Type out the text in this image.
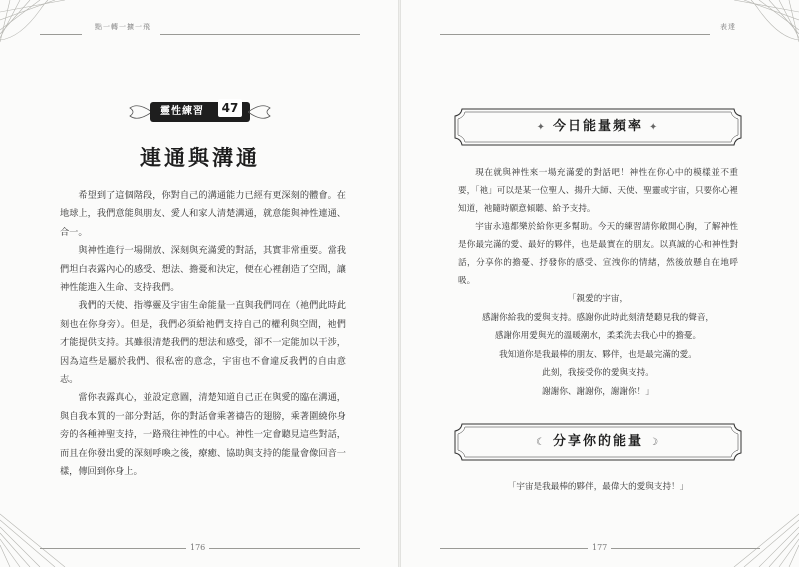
點一轉一擴一飛
靈性練習	47
連通與溝通

希望到了這個階段，你對自己的溝通能力已經有更深刻的體會。在地球上，我們意能與朋友、愛人和家人清楚溝通，就意能與神性連通、合一。

與神性進行一場開放、深刻與充滿愛的對話，其實非常重要。當我們坦白表露內心的感受、想法、擔憂和決定，便在心裡創造了空間，讓神性能進入生命、支持我們。

我們的天使、指導靈及宇宙生命能量一直與我們同在（祂們此時此刻也在你身旁）。但是，我們必須給祂們支持自己的權利與空間，祂們才能提供支持。其雖很清楚我們的想法和感受，卻不一定能加以干涉，因為這些是屬於我們、很私密的意念，宇宙也不會違反我們的自由意志。

當你表露真心，並設定意圖，清楚知道自己正在與愛的臨在溝通，與自我本質的一部分對話，你的對話會乘著禱告的翅膀，乘著圍繞你身旁的各種神聖支持，一路飛往神性的中心。神性一定會聽見這些對話，而且在你發出愛的深刻呼喚之後，療癒、協助與支持的能量會像回音一樣，傳回到你身上。

176
表達
177
✦ 今日能量頻率 ✦

現在就與神性來一場充滿愛的對話吧！神性在你心中的模樣並不重要，「祂」可以是某一位聖人、揚升大師、天使、聖靈或宇宙，只要你心裡知道，祂隨時願意傾聽、給予支持。

宇宙永遠都樂於給你更多幫助。今天的練習請你敞開心胸，了解神性是你最完滿的愛、最好的夥伴，也是最實在的朋友。以真誠的心和神性對話，分享你的擔憂、抒發你的感受、宣洩你的情緒，然後放懸自在地呼吸。

「親愛的宇宙，
感謝你給我的愛與支持。感謝你此時此刻清楚聽見我的聲音，
感謝你用愛與光的溫暖潮水，柔柔洗去我心中的擔憂。
我知道你是我最棒的朋友、夥伴，也是最完滿的愛。
此刻，我接受你的愛與支持。
謝謝你、謝謝你，謝謝你！」
☾ 分享你的能量 ☽
「宇宙是我最棒的夥伴，最偉大的愛與支持！」
